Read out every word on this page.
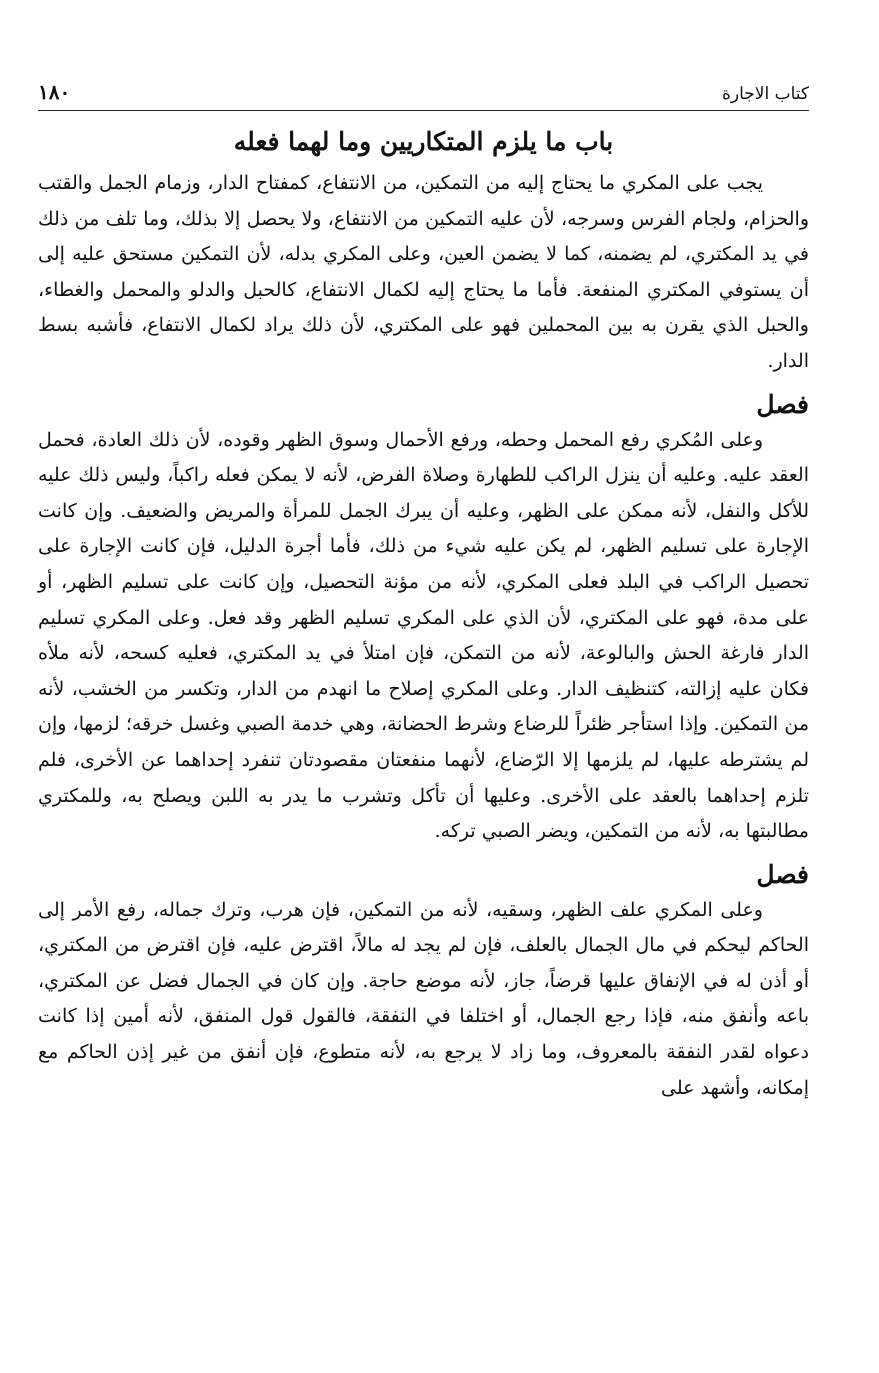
١٨٠	كتاب الاجارة
باب ما يلزم المتكاريين وما لهما فعله

يجب على المكري ما يحتاج إليه من التمكين، من الانتفاع، كمفتاح الدار، وزمام الجمل والقتب والحزام، ولجام الفرس وسرجه، لأن عليه التمكين من الانتفاع، ولا يحصل إلا بذلك، وما تلف من ذلك في يد المكتري، لم يضمنه، كما لا يضمن العين، وعلى المكري بدله، لأن التمكين مستحق عليه إلى أن يستوفي المكتري المنفعة. فأما ما يحتاج إليه لكمال الانتفاع، كالحبل والدلو والمحمل والغطاء، والحبل الذي يقرن به بين المحملين فهو على المكتري، لأن ذلك يراد لكمال الانتفاع، فأشبه بسط الدار.

فصل

وعلى المُكري رفع المحمل وحطه، ورفع الأحمال وسوق الظهر وقوده، لأن ذلك العادة، فحمل العقد عليه. وعليه أن ينزل الراكب للطهارة وصلاة الفرض، لأنه لا يمكن فعله راكباً، وليس ذلك عليه للأكل والنفل، لأنه ممكن على الظهر، وعليه أن يبرك الجمل للمرأة والمريض والضعيف. وإن كانت الإجارة على تسليم الظهر، لم يكن عليه شيء من ذلك، فأما أجرة الدليل، فإن كانت الإجارة على تحصيل الراكب في البلد فعلى المكري، لأنه من مؤنة التحصيل، وإن كانت على تسليم الظهر، أو على مدة، فهو على المكتري، لأن الذي على المكري تسليم الظهر وقد فعل. وعلى المكري تسليم الدار فارغة الحش والبالوعة، لأنه من التمكن، فإن امتلأ في يد المكتري، فعليه كسحه، لأنه ملأه فكان عليه إزالته، كتنظيف الدار. وعلى المكري إصلاح ما انهدم من الدار، وتكسر من الخشب، لأنه من التمكين. وإذا استأجر ظئراً للرضاع وشرط الحضانة، وهي خدمة الصبي وغسل خرقه؛ لزمها، وإن لم يشترطه عليها، لم يلزمها إلا الرّضاع، لأنهما منفعتان مقصودتان تنفرد إحداهما عن الأخرى، فلم تلزم إحداهما بالعقد على الأخرى. وعليها أن تأكل وتشرب ما يدر به اللبن ويصلح به، وللمكتري مطالبتها به، لأنه من التمكين، ويضر الصبي تركه.

فصل

وعلى المكري علف الظهر، وسقيه، لأنه من التمكين، فإن هرب، وترك جماله، رفع الأمر إلى الحاكم ليحكم في مال الجمال بالعلف، فإن لم يجد له مالاً، اقترض عليه، فإن اقترض من المكتري، أو أذن له في الإنفاق عليها قرضاً، جاز، لأنه موضع حاجة. وإن كان في الجمال فضل عن المكتري، باعه وأنفق منه، فإذا رجع الجمال، أو اختلفا في النفقة، فالقول قول المنفق، لأنه أمين إذا كانت دعواه لقدر النفقة بالمعروف، وما زاد لا يرجع به، لأنه متطوع، فإن أنفق من غير إذن الحاكم مع إمكانه، وأشهد على
